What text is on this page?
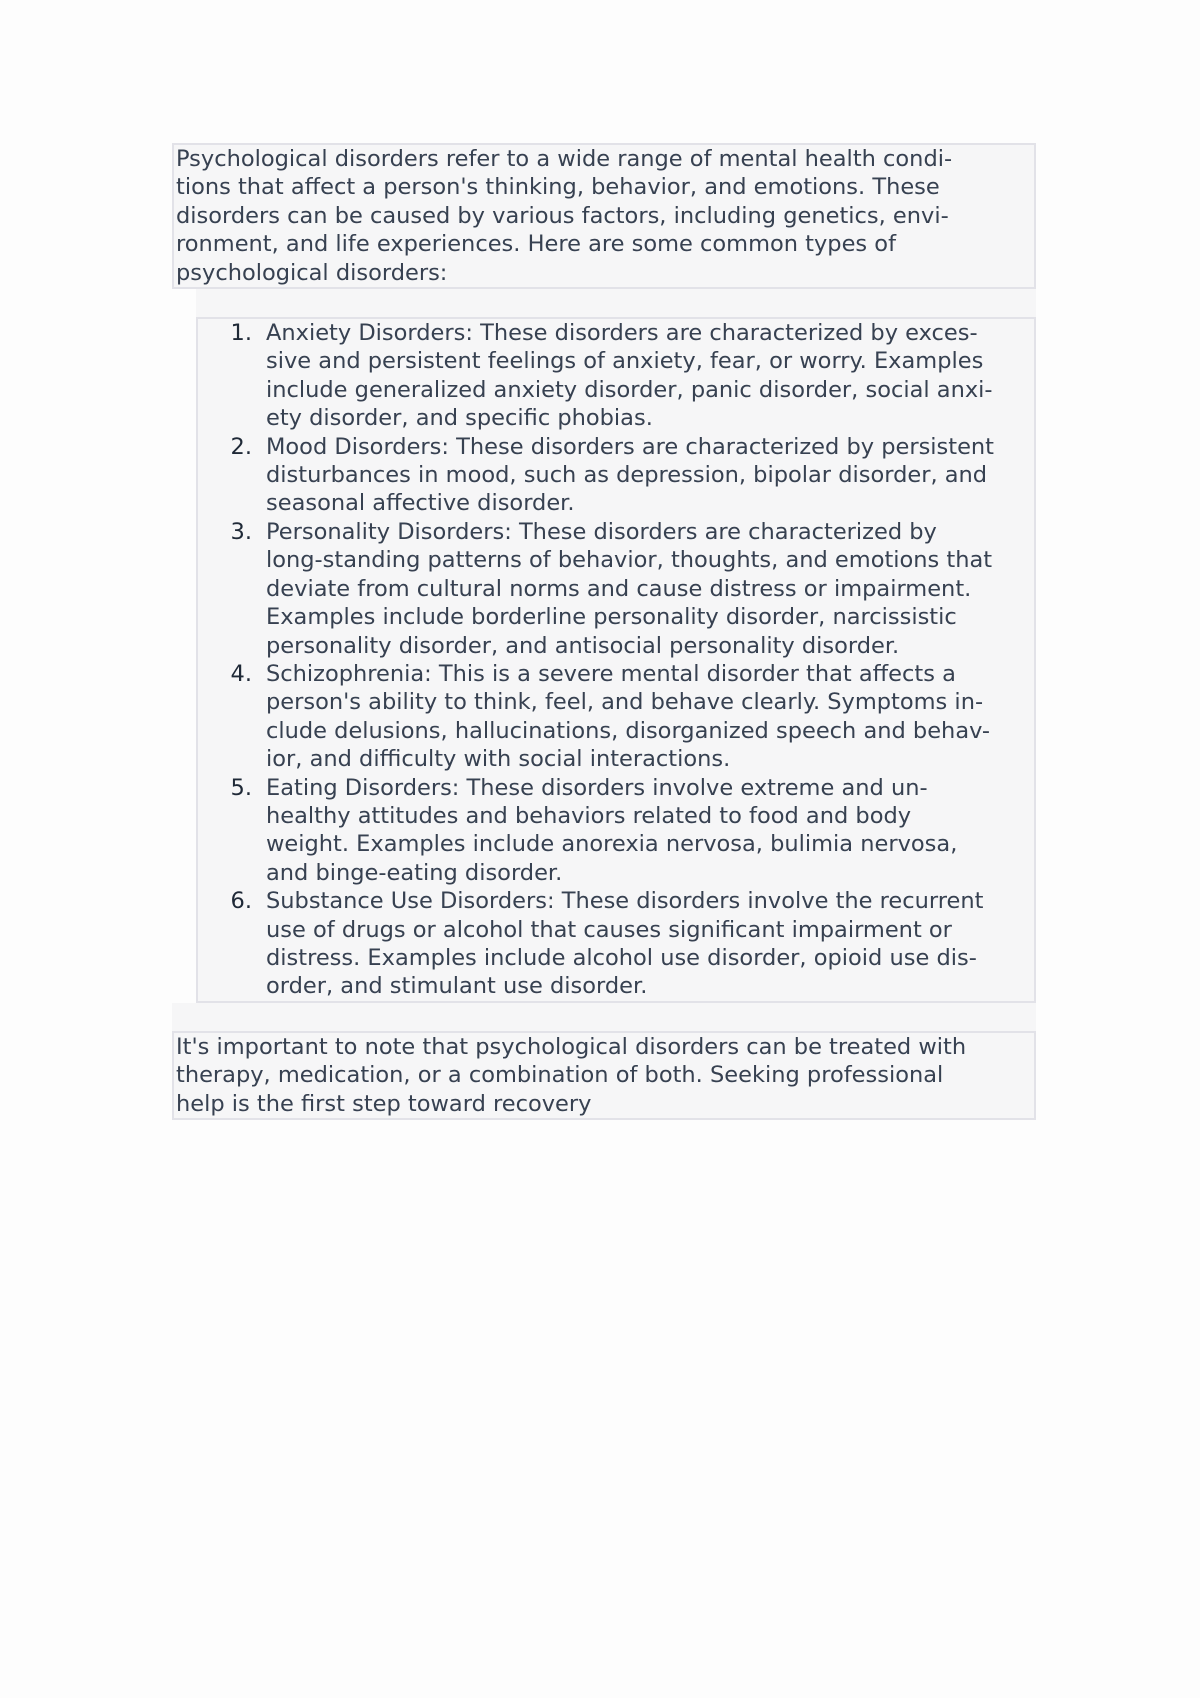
Psychological disorders refer to a wide range of mental health condi-
tions that affect a person's thinking, behavior, and emotions. These
disorders can be caused by various factors, including genetics, envi-
ronment, and life experiences. Here are some common types of
psychological disorders:

1. Anxiety Disorders: These disorders are characterized by exces-
sive and persistent feelings of anxiety, fear, or worry. Examples
include generalized anxiety disorder, panic disorder, social anxi-
ety disorder, and specific phobias.
2. Mood Disorders: These disorders are characterized by persistent
disturbances in mood, such as depression, bipolar disorder, and
seasonal affective disorder.
3. Personality Disorders: These disorders are characterized by
long-standing patterns of behavior, thoughts, and emotions that
deviate from cultural norms and cause distress or impairment.
Examples include borderline personality disorder, narcissistic
personality disorder, and antisocial personality disorder.
4. Schizophrenia: This is a severe mental disorder that affects a
person's ability to think, feel, and behave clearly. Symptoms in-
clude delusions, hallucinations, disorganized speech and behav-
ior, and difficulty with social interactions.
5. Eating Disorders: These disorders involve extreme and un-
healthy attitudes and behaviors related to food and body
weight. Examples include anorexia nervosa, bulimia nervosa,
and binge-eating disorder.
6. Substance Use Disorders: These disorders involve the recurrent
use of drugs or alcohol that causes significant impairment or
distress. Examples include alcohol use disorder, opioid use dis-
order, and stimulant use disorder.

It's important to note that psychological disorders can be treated with
therapy, medication, or a combination of both. Seeking professional
help is the first step toward recovery
